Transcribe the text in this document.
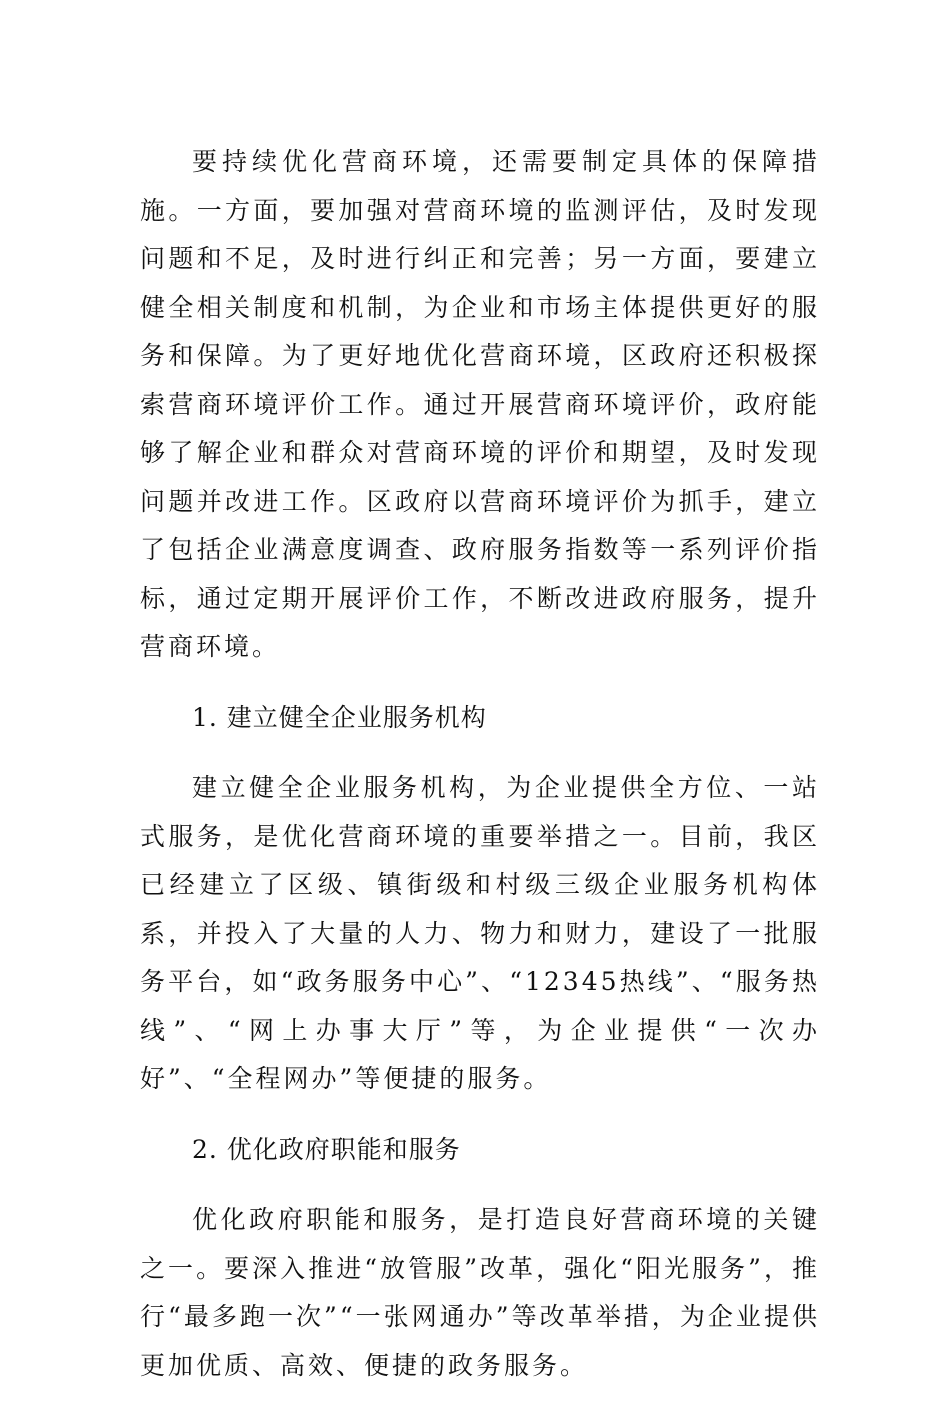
要持续优化营商环境，还需要制定具体的保障措施。一方面，要加强对营商环境的监测评估，及时发现问题和不足，及时进行纠正和完善；另一方面，要建立健全相关制度和机制，为企业和市场主体提供更好的服务和保障。为了更好地优化营商环境，区政府还积极探索营商环境评价工作。通过开展营商环境评价，政府能够了解企业和群众对营商环境的评价和期望，及时发现问题并改进工作。区政府以营商环境评价为抓手，建立了包括企业满意度调查、政府服务指数等一系列评价指标，通过定期开展评价工作，不断改进政府服务，提升营商环境。

1. 建立健全企业服务机构

建立健全企业服务机构，为企业提供全方位、一站式服务，是优化营商环境的重要举措之一。目前，我区已经建立了区级、镇街级和村级三级企业服务机构体系，并投入了大量的人力、物力和财力，建设了一批服务平台，如“政务服务中心”、“12345热线”、“服务热线”、“网上办事大厅”等，为企业提供“一次办好”、“全程网办”等便捷的服务。

2. 优化政府职能和服务

优化政府职能和服务，是打造良好营商环境的关键之一。要深入推进“放管服”改革，强化“阳光服务”，推行“最多跑一次”“一张网通办”等改革举措，为企业提供更加优质、高效、便捷的政务服务。
